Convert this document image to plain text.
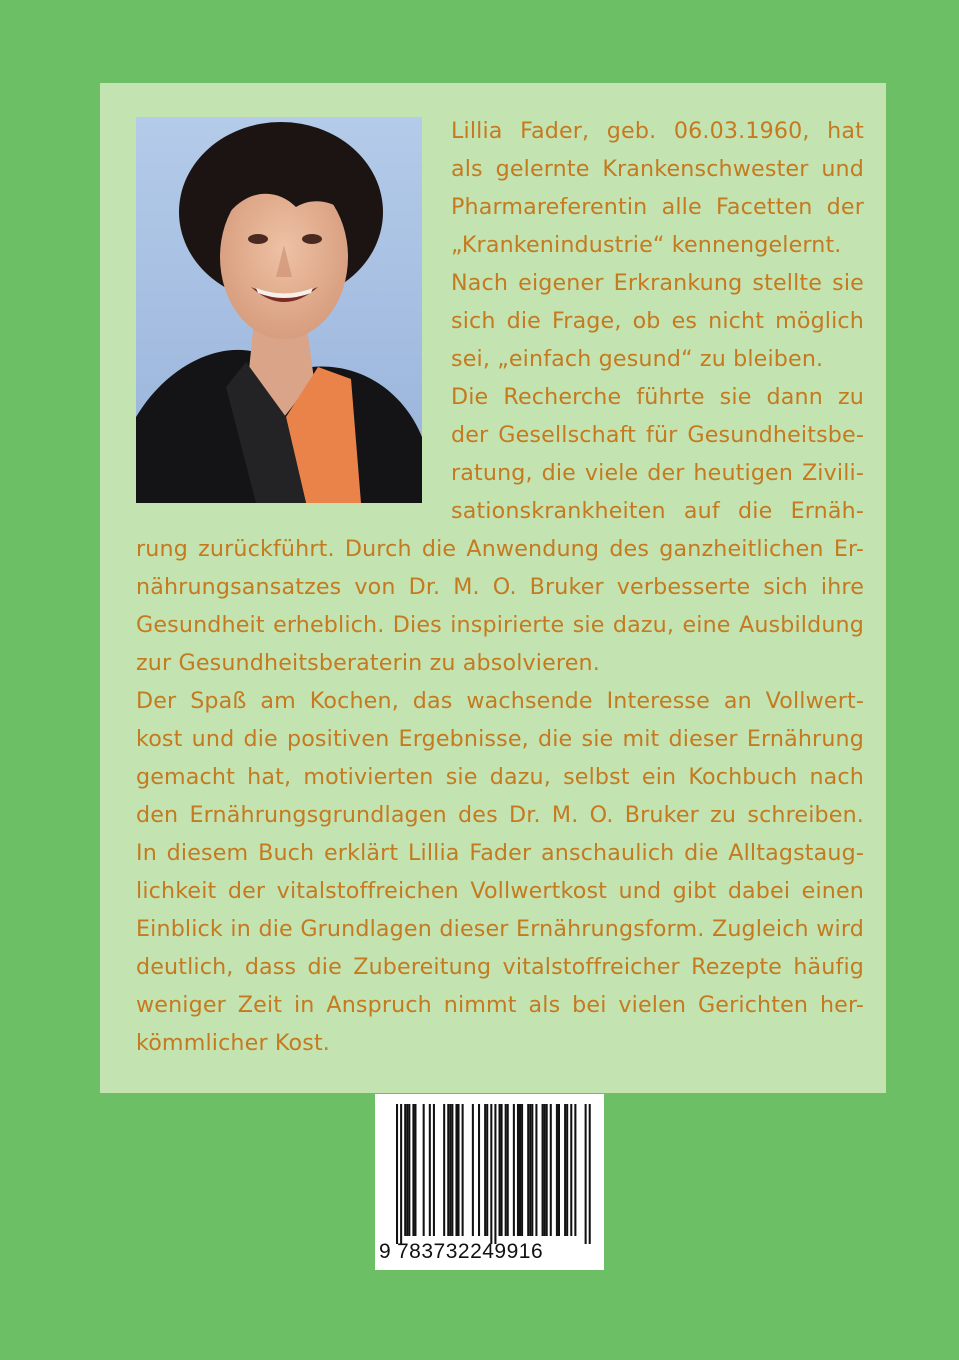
Lillia Fader, geb. 06.03.1960, hat
als gelernte Krankenschwester und
Pharmareferentin alle Facetten der
„Krankenindustrie“ kennengelernt.
Nach eigener Erkrankung stellte sie
sich die Frage, ob es nicht möglich
sei, „einfach gesund“ zu bleiben.
Die Recherche führte sie dann zu
der Gesellschaft für Gesundheitsbe-
ratung, die viele der heutigen Zivili-
sationskrankheiten auf die Ernäh-
rung zurückführt. Durch die Anwendung des ganzheitlichen Er-
nährungsansatzes von Dr. M. O. Bruker verbesserte sich ihre
Gesundheit erheblich. Dies inspirierte sie dazu, eine Ausbildung
zur Gesundheitsberaterin zu absolvieren.
Der Spaß am Kochen, das wachsende Interesse an Vollwert-
kost und die positiven Ergebnisse, die sie mit dieser Ernährung
gemacht hat, motivierten sie dazu, selbst ein Kochbuch nach
den Ernährungsgrundlagen des Dr. M. O. Bruker zu schreiben.
In diesem Buch erklärt Lillia Fader anschaulich die Alltagstaug-
lichkeit der vitalstoffreichen Vollwertkost und gibt dabei einen
Einblick in die Grundlagen dieser Ernährungsform. Zugleich wird
deutlich, dass die Zubereitung vitalstoffreicher Rezepte häufig
weniger Zeit in Anspruch nimmt als bei vielen Gerichten her-
kömmlicher Kost.

9 783732249916
